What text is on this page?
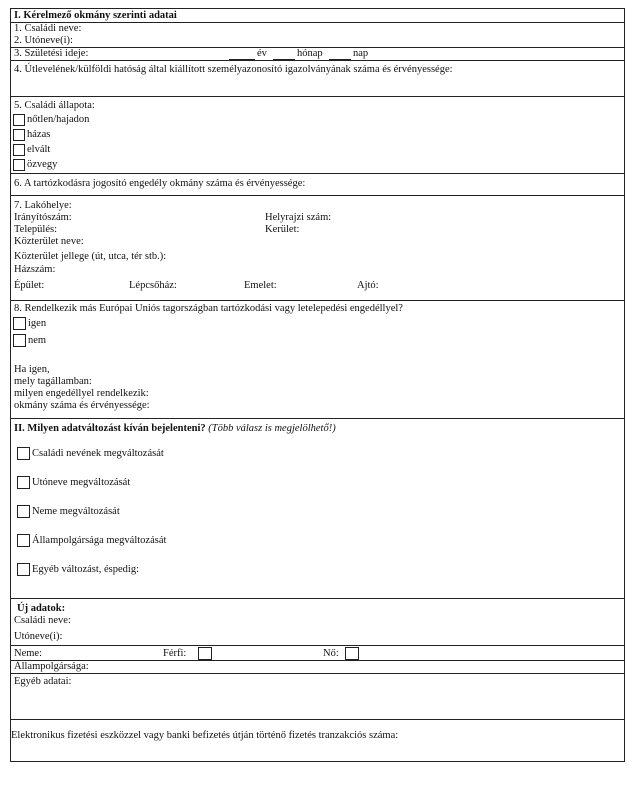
I. Kérelmező okmány szerinti adatai
1. Családi neve:
2. Utóneve(i):
3. Születési ideje:	év	hónap	nap
4. Útlevelének/külföldi hatóság által kiállított személyazonosító igazolványának száma és érvényessége:
5. Családi állapota:
nőtlen/hajadon
házas
elvált
özvegy
6. A tartózkodásra jogosító engedély okmány száma és érvényessége:
7. Lakóhelye:
Irányítószám:	Helyrajzi szám:
Település:	Kerület:
Közterület neve:
Közterület jellege (út, utca, tér stb.):
Házszám:
Épület:	Lépcsőház:	Emelet:	Ajtó:
8. Rendelkezik más Európai Uniós tagországban tartózkodási vagy letelepedési engedéllyel?
igen
nem
Ha igen,
mely tagállamban:
milyen engedéllyel rendelkezik:
okmány száma és érvényessége:
II. Milyen adatváltozást kíván bejelenteni? (Több válasz is megjelölhető!)
Családi nevének megváltozását
Utóneve megváltozását
Neme megváltozását
Állampolgársága megváltozását
Egyéb változást, éspedig:
Új adatok:
Családi neve:
Utóneve(i):
Neme:	Férfi:	Nő:
Állampolgársága:
Egyéb adatai:
Elektronikus fizetési eszközzel vagy banki befizetés útján történő fizetés tranzakciós száma:
